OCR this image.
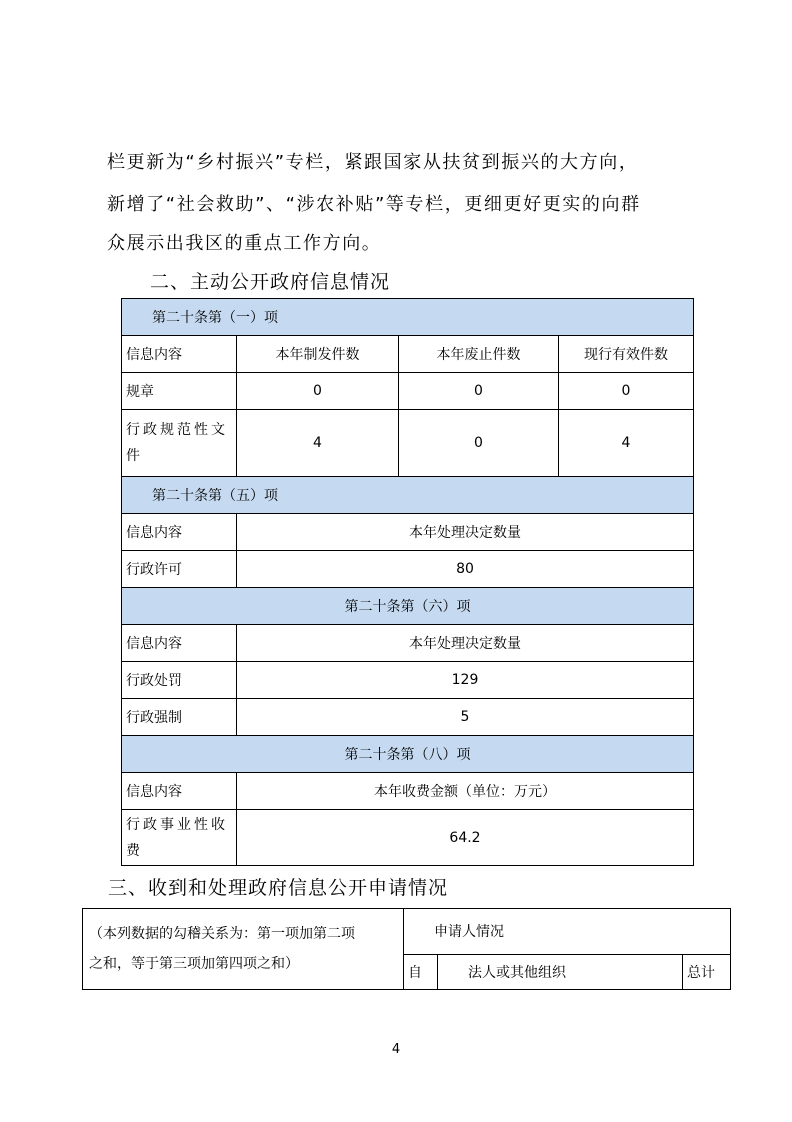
栏更新为“乡村振兴”专栏，紧跟国家从扶贫到振兴的大方向，

新增了“社会救助”、“涉农补贴”等专栏，更细更好更实的向群

众展示出我区的重点工作方向。

二、主动公开政府信息情况

第二十条第（一）项			
信息内容	本年制发件数	本年废止件数	现行有效件数
规章	0	0	0
行政规范性文件	4	0	4
第二十条第（五）项			
信息内容	本年处理决定数量		
行政许可	80		
第二十条第（六）项			
信息内容	本年处理决定数量		
行政处罚	129		
行政强制	5		
第二十条第（八）项			
信息内容	本年收费金额（单位：万元）		
行政事业性收费	64.2		

三、收到和处理政府信息公开申请情况

（本列数据的勾稽关系为：第一项加第二项
之和，等于第三项加第四项之和）	申请人情况		
	自	法人或其他组织	总计
4
